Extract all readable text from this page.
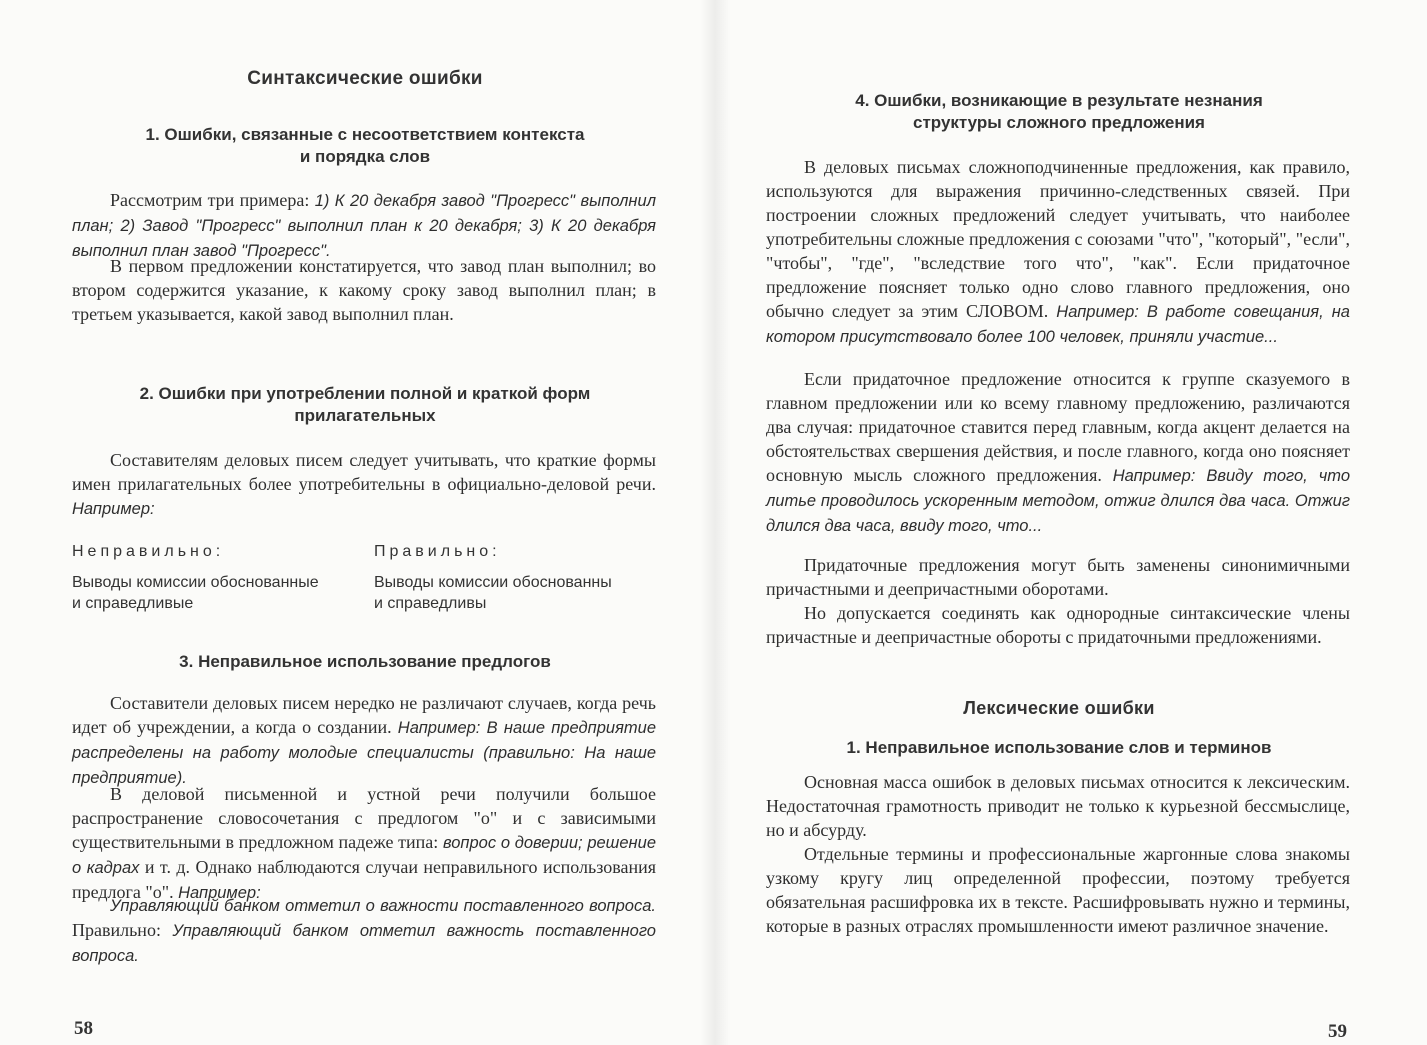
Синтаксические ошибки
1. Ошибки, связанные с несоответствием контекста
и порядка слов

Рассмотрим три примера: 1) К 20 декабря завод "Прогресс" выполнил план; 2) Завод "Прогресс" выполнил план к 20 декабря; 3) К 20 декабря выполнил план завод "Прогресс".

В первом предложении констатируется, что завод план выполнил; во втором содержится указание, к какому сроку завод выполнил план; в третьем указывается, какой завод выполнил план.

2. Ошибки при употреблении полной и краткой форм
прилагательных

Составителям деловых писем следует учитывать, что краткие формы имен прилагательных более употребительны в официально-деловой речи. Например:

Неправильно:	Правильно:
Выводы комиссии обоснованные
и справедливые
Выводы комиссии обоснованны
и справедливы
3. Неправильное использование предлогов

Составители деловых писем нередко не различают случаев, когда речь идет об учреждении, а когда о создании. Например: В наше предприятие распределены на работу молодые специалисты (правильно: На наше предприятие).

В деловой письменной и устной речи получили большое распространение словосочетания с предлогом "о" и с зависимыми существительными в предложном падеже типа: вопрос о доверии; решение о кадрах и т. д. Однако наблюдаются случаи неправильного использования предлога "о". Например:

Управляющий банком отметил о важности поставленного вопроса. Правильно: Управляющий банком отметил важность поставленного вопроса.

58
4. Ошибки, возникающие в результате незнания
структуры сложного предложения

В деловых письмах сложноподчиненные предложения, как правило, используются для выражения причинно-следственных связей. При построении сложных предложений следует учитывать, что наиболее употребительны сложные предложения с союзами "что", "который", "если", "чтобы", "где", "вследствие того что", "как". Если придаточное предложение поясняет только одно слово главного предложения, оно обычно следует за этим СЛОВОМ. Например: В работе совещания, на котором присутствовало более 100 человек, приняли участие...

Если придаточное предложение относится к группе сказуемого в главном предложении или ко всему главному предложению, различаются два случая: придаточное ставится перед главным, когда акцент делается на обстоятельствах свершения действия, и после главного, когда оно поясняет основную мысль сложного предложения. Например: Ввиду того, что литье проводилось ускоренным методом, отжиг длился два часа. Отжиг длился два часа, ввиду того, что...

Придаточные предложения могут быть заменены синонимичными причастными и деепричастными оборотами.

Но допускается соединять как однородные синтаксические члены причастные и деепричастные обороты с придаточными предложениями.

Лексические ошибки
1. Неправильное использование слов и терминов

Основная масса ошибок в деловых письмах относится к лексическим. Недостаточная грамотность приводит не только к курьезной бессмыслице, но и абсурду.

Отдельные термины и профессиональные жаргонные слова знакомы узкому кругу лиц определенной профессии, поэтому требуется обязательная расшифровка их в тексте. Расшифровывать нужно и термины, которые в разных отраслях промышленности имеют различное значение.

59
